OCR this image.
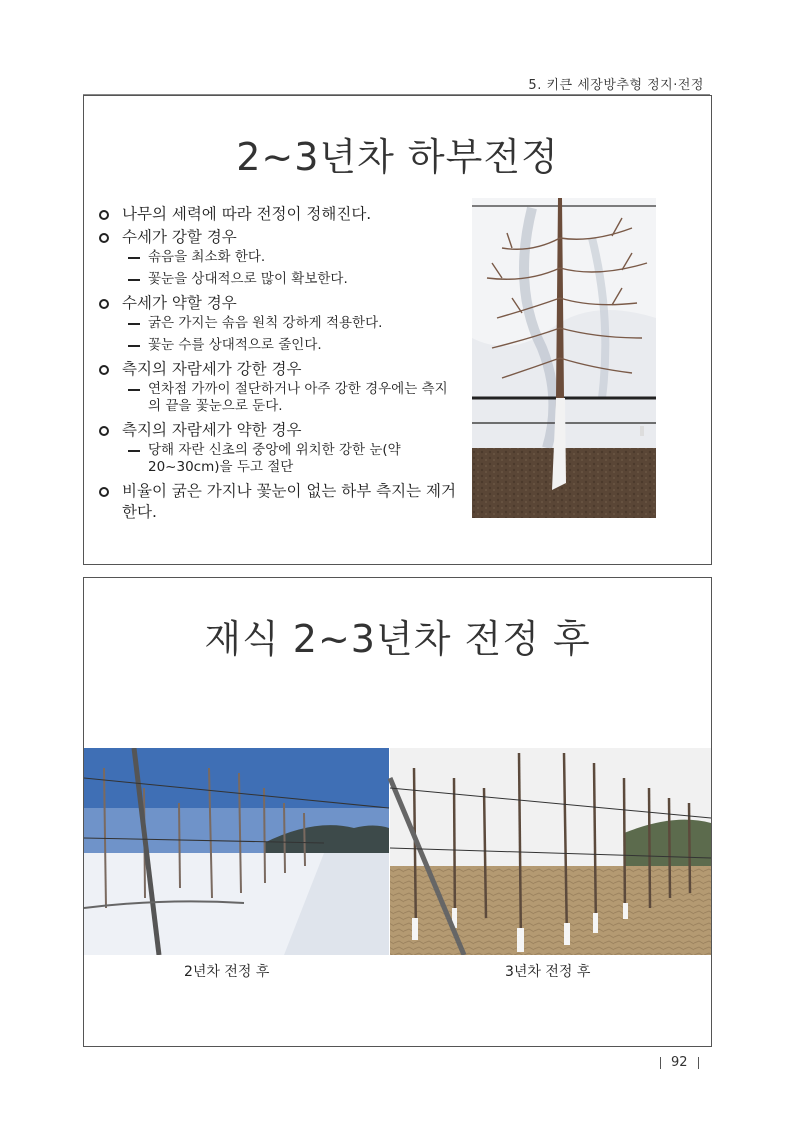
5. 키큰 세장방추형 정지·전정
2~3년차 하부전정
나무의 세력에 따라 전정이 정해진다.
수세가 강할 경우
솎음을 최소화 한다.
꽃눈을 상대적으로 많이 확보한다.
수세가 약할 경우
굵은 가지는 솎음 원칙 강하게 적용한다.
꽃눈 수를 상대적으로 줄인다.
측지의 자람세가 강한 경우
연차점 가까이 절단하거나 아주 강한 경우에는 측지의 끝을 꽃눈으로 둔다.
측지의 자람세가 약한 경우
당해 자란 신초의 중앙에 위치한 강한 눈(약20~30cm)을 두고 절단
비율이 굵은 가지나 꽃눈이 없는 하부 측지는 제거 한다.
재식 2~3년차 전정 후
2년차 전정 후	3년차 전정 후
92
